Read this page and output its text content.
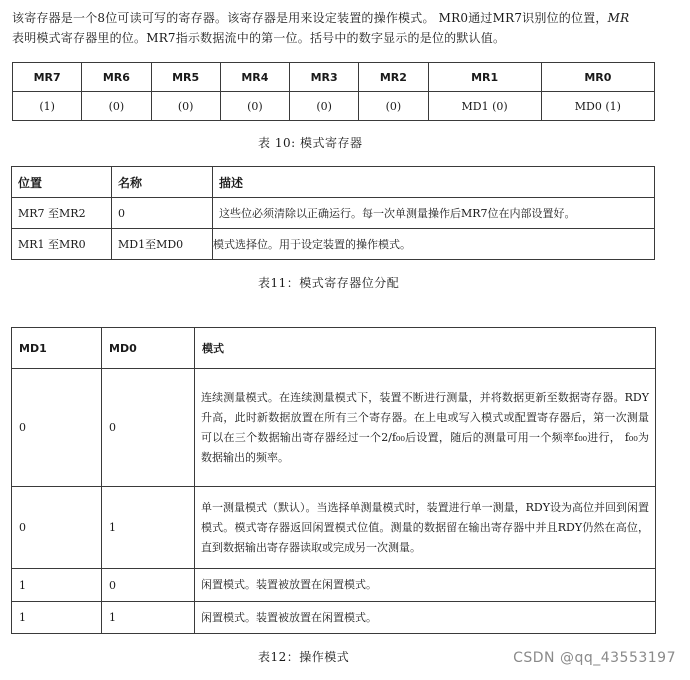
该寄存器是一个8位可读可写的寄存器。该寄存器是用来设定装置的操作模式。 MR0通过MR7识别位的位置，MR
表明模式寄存器里的位。MR7指示数据流中的第一位。括号中的数字显示的是位的默认值。
MR7	MR6	MR5	MR4	MR3	MR2	MR1	MR0
(1)	(0)	(0)	(0)	(0)	(0)	MD1 (0)	MD0 (1)
表 10: 模式寄存器
位置	名称	描述
MR7 至MR2	0	这些位必须清除以正确运行。每一次单测量操作后MR7位在内部设置好。
MR1 至MR0	MD1至MD0	模式选择位。用于设定装置的操作模式。
表11：模式寄存器位分配
MD1	MD0	模式
0	0	连续测量模式。在连续测量模式下，装置不断进行测量，并将数据更新至数据寄存器。RDY升高，此时新数据放置在所有三个寄存器。在上电或写入模式或配置寄存器后，第一次测量可以在三个数据输出寄存器经过一个2/f₀₀后设置，随后的测量可用一个频率f₀₀进行， f₀₀为数据输出的频率。
0	1	单一测量模式（默认）。当选择单测量模式时，装置进行单一测量，RDY设为高位并回到闲置模式。模式寄存器返回闲置模式位值。测量的数据留在输出寄存器中并且RDY仍然在高位，直到数据输出寄存器读取或完成另一次测量。
1	0	闲置模式。装置被放置在闲置模式。
1	1	闲置模式。装置被放置在闲置模式。
表12：操作模式	CSDN @qq_43553197
